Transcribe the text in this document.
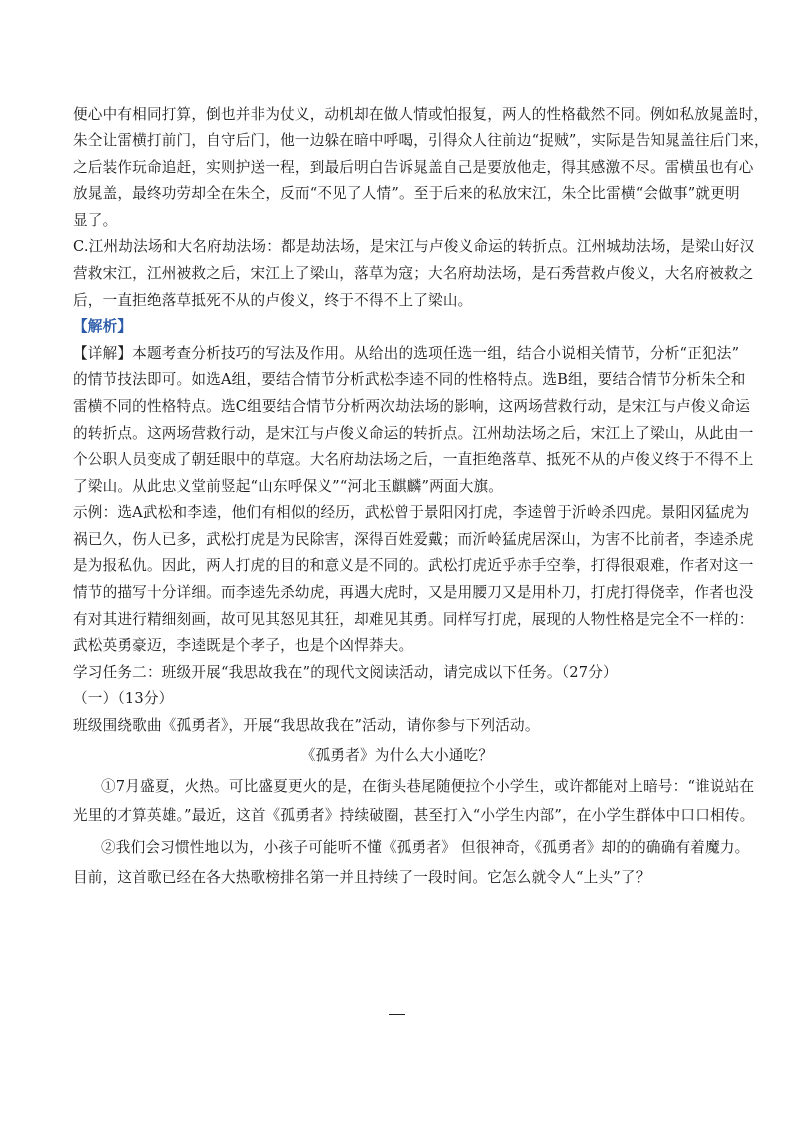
便心中有相同打算，倒也并非为仗义，动机却在做人情或怕报复，两人的性格截然不同。例如私放晁盖时，
朱仝让雷横打前门，自守后门，他一边躲在暗中呼喝，引得众人往前边“捉贼”，实际是告知晁盖往后门来，
之后装作玩命追赶，实则护送一程，到最后明白告诉晁盖自己是要放他走，得其感激不尽。雷横虽也有心
放晁盖，最终功劳却全在朱仝，反而“不见了人情”。至于后来的私放宋江，朱仝比雷横“会做事”就更明
显了。
C.江州劫法场和大名府劫法场：都是劫法场，是宋江与卢俊义命运的转折点。江州城劫法场，是梁山好汉
营救宋江，江州被救之后，宋江上了梁山，落草为寇；大名府劫法场，是石秀营救卢俊义，大名府被救之
后，一直拒绝落草抵死不从的卢俊义，终于不得不上了梁山。
【解析】
【详解】本题考查分析技巧的写法及作用。从给出的选项任选一组，结合小说相关情节，分析“正犯法”
的情节技法即可。如选A组，要结合情节分析武松李逵不同的性格特点。选B组，要结合情节分析朱仝和
雷横不同的性格特点。选C组要结合情节分析两次劫法场的影响，这两场营救行动，是宋江与卢俊义命运
的转折点。这两场营救行动，是宋江与卢俊义命运的转折点。江州劫法场之后，宋江上了梁山，从此由一
个公职人员变成了朝廷眼中的草寇。大名府劫法场之后，一直拒绝落草、抵死不从的卢俊义终于不得不上
了梁山。从此忠义堂前竖起“山东呼保义”“河北玉麒麟”两面大旗。
示例：选A武松和李逵，他们有相似的经历，武松曾于景阳冈打虎，李逵曾于沂岭杀四虎。景阳冈猛虎为
祸已久，伤人已多，武松打虎是为民除害，深得百姓爱戴；而沂岭猛虎居深山，为害不比前者，李逵杀虎
是为报私仇。因此，两人打虎的目的和意义是不同的。武松打虎近乎赤手空拳，打得很艰难，作者对这一
情节的描写十分详细。而李逵先杀幼虎，再遇大虎时，又是用腰刀又是用朴刀，打虎打得侥幸，作者也没
有对其进行精细刻画，故可见其怒见其狂，却难见其勇。同样写打虎，展现的人物性格是完全不一样的：
武松英勇豪迈，李逵既是个孝子，也是个凶悍莽夫。
学习任务二：班级开展“我思故我在”的现代文阅读活动，请完成以下任务。（27分）
（一）（13分）
班级围绕歌曲《孤勇者》，开展“我思故我在”活动，请你参与下列活动。
《孤勇者》为什么大小通吃？
①7月盛夏，火热。可比盛夏更火的是，在街头巷尾随便拉个小学生，或许都能对上暗号：“谁说站在
光里的才算英雄。”最近，这首《孤勇者》持续破圈，甚至打入“小学生内部”，在小学生群体中口口相传。
②我们会习惯性地以为，小孩子可能听不懂《孤勇者》 但很神奇，《孤勇者》却的的确确有着魔力。
目前，这首歌已经在各大热歌榜排名第一并且持续了一段时间。它怎么就令人“上头”了？
